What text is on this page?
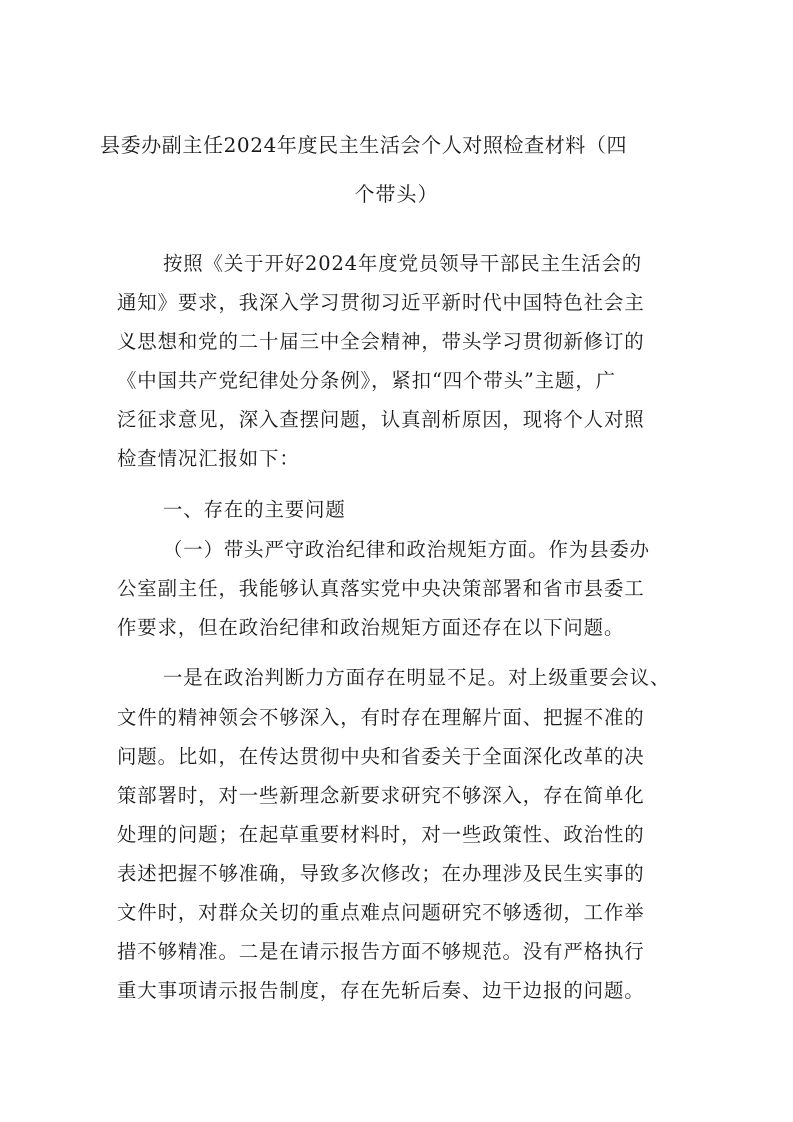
县委办副主任2024年度民主生活会个人对照检查材料（四
个带头）
按照《关于开好2024年度党员领导干部民主生活会的
通知》要求，我深入学习贯彻习近平新时代中国特色社会主
义思想和党的二十届三中全会精神，带头学习贯彻新修订的
《中国共产党纪律处分条例》，紧扣“四个带头”主题，广
泛征求意见，深入查摆问题，认真剖析原因，现将个人对照
检查情况汇报如下：
一、存在的主要问题
（一）带头严守政治纪律和政治规矩方面。作为县委办
公室副主任，我能够认真落实党中央决策部署和省市县委工
作要求，但在政治纪律和政治规矩方面还存在以下问题。
一是在政治判断力方面存在明显不足。对上级重要会议、
文件的精神领会不够深入，有时存在理解片面、把握不准的
问题。比如，在传达贯彻中央和省委关于全面深化改革的决
策部署时，对一些新理念新要求研究不够深入，存在简单化
处理的问题；在起草重要材料时，对一些政策性、政治性的
表述把握不够准确，导致多次修改；在办理涉及民生实事的
文件时，对群众关切的重点难点问题研究不够透彻，工作举
措不够精准。二是在请示报告方面不够规范。没有严格执行
重大事项请示报告制度，存在先斩后奏、边干边报的问题。
